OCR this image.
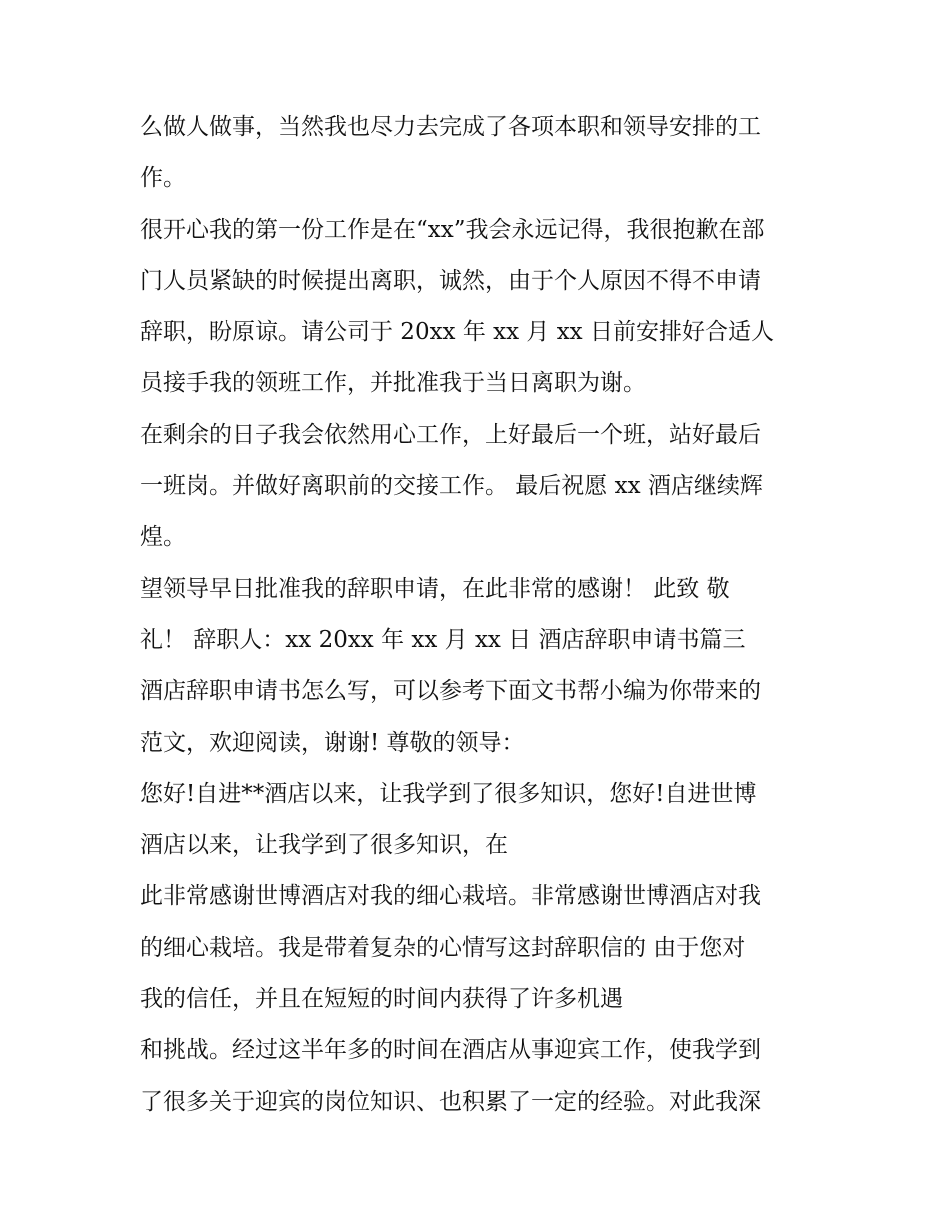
么做人做事，当然我也尽力去完成了各项本职和领导安排的工
作。
很开心我的第一份工作是在“xx”我会永远记得，我很抱歉在部
门人员紧缺的时候提出离职，诚然，由于个人原因不得不申请
辞职，盼原谅。请公司于 20xx 年 xx 月 xx 日前安排好合适人
员接手我的领班工作，并批准我于当日离职为谢。
在剩余的日子我会依然用心工作，上好最后一个班，站好最后
一班岗。并做好离职前的交接工作。 最后祝愿 xx 酒店继续辉
煌。
望领导早日批准我的辞职申请，在此非常的感谢！ 此致 敬
礼！ 辞职人：xx 20xx 年 xx 月 xx 日 酒店辞职申请书篇三
酒店辞职申请书怎么写，可以参考下面文书帮小编为你带来的
范文，欢迎阅读，谢谢! 尊敬的领导：
您好!自进**酒店以来，让我学到了很多知识，您好!自进世博
酒店以来，让我学到了很多知识，在
此非常感谢世博酒店对我的细心栽培。非常感谢世博酒店对我
的细心栽培。我是带着复杂的心情写这封辞职信的 由于您对
我的信任，并且在短短的时间内获得了许多机遇
和挑战。经过这半年多的时间在酒店从事迎宾工作，使我学到
了很多关于迎宾的岗位知识、也积累了一定的经验。对此我深
